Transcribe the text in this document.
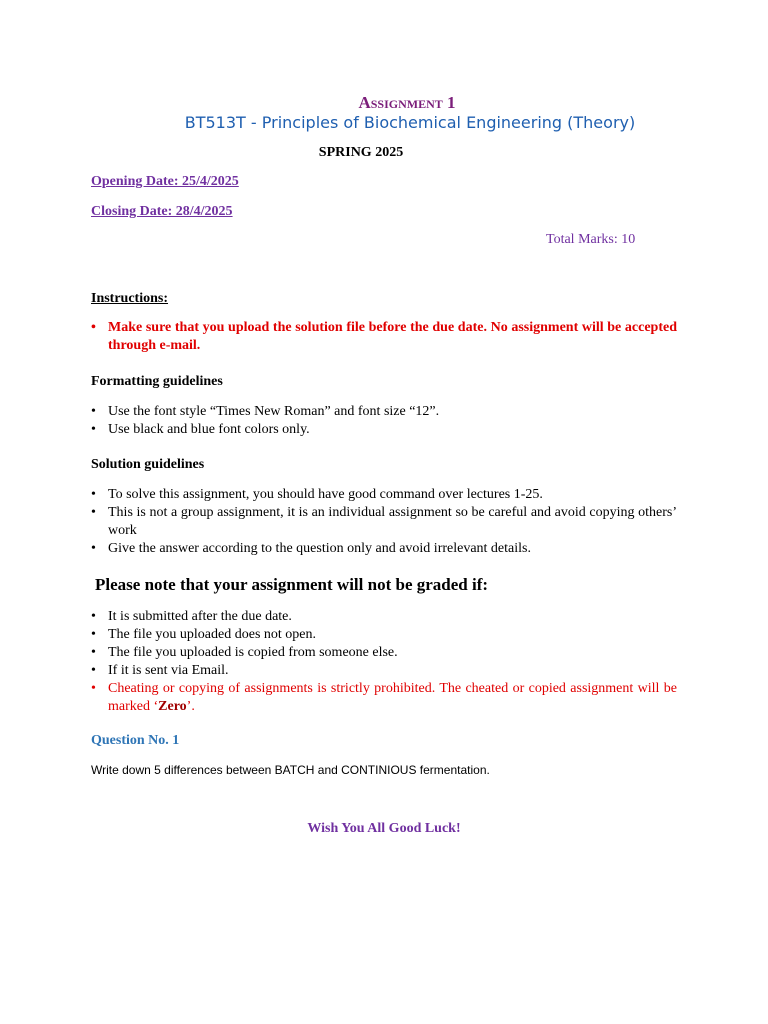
Assignment 1
BT513T - Principles of Biochemical Engineering (Theory)
SPRING 2025
Opening Date: 25/4/2025
Closing Date: 28/4/2025
Total Marks: 10
Instructions:
• Make sure that you upload the solution file before the due date. No assignment will be accepted through e-mail.
Formatting guidelines
• Use the font style “Times New Roman” and font size “12”.
• Use black and blue font colors only.
Solution guidelines
• To solve this assignment, you should have good command over lectures 1-25.
• This is not a group assignment, it is an individual assignment so be careful and avoid copying others’ work
• Give the answer according to the question only and avoid irrelevant details.
Please note that your assignment will not be graded if:
• It is submitted after the due date.
• The file you uploaded does not open.
• The file you uploaded is copied from someone else.
• If it is sent via Email.
• Cheating or copying of assignments is strictly prohibited. The cheated or copied assignment will be marked ‘Zero’.
Question No. 1
Write down 5 differences between BATCH and CONTINIOUS fermentation.
Wish You All Good Luck!
